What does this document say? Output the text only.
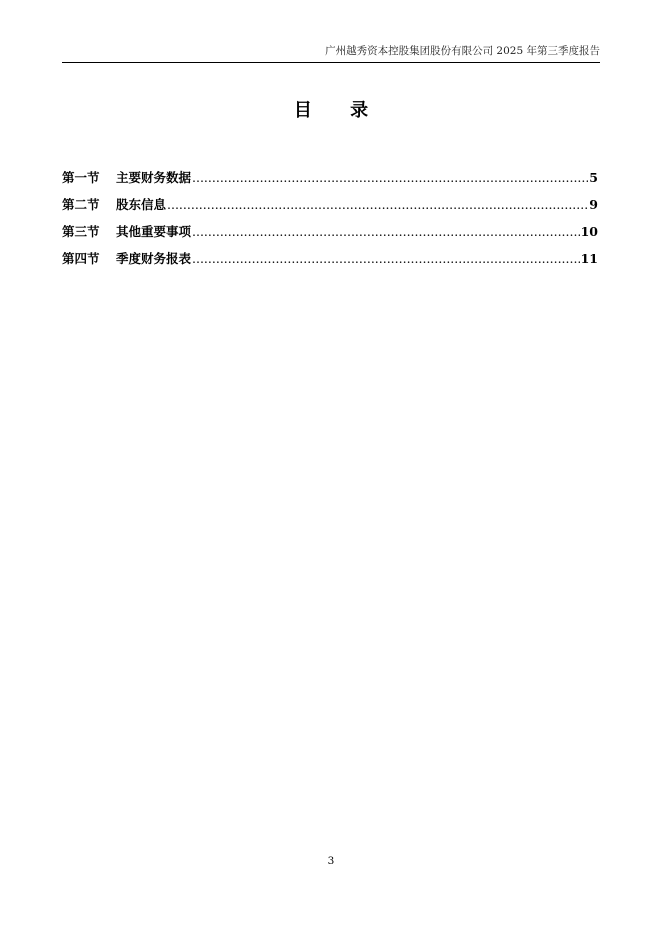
广州越秀资本控股集团股份有限公司 2025 年第三季度报告
目 录
第一节	主要财务数据 .....	5
第二节	股东信息 .....	9
第三节	其他重要事项 .....	10
第四节	季度财务报表 .....	11
3
